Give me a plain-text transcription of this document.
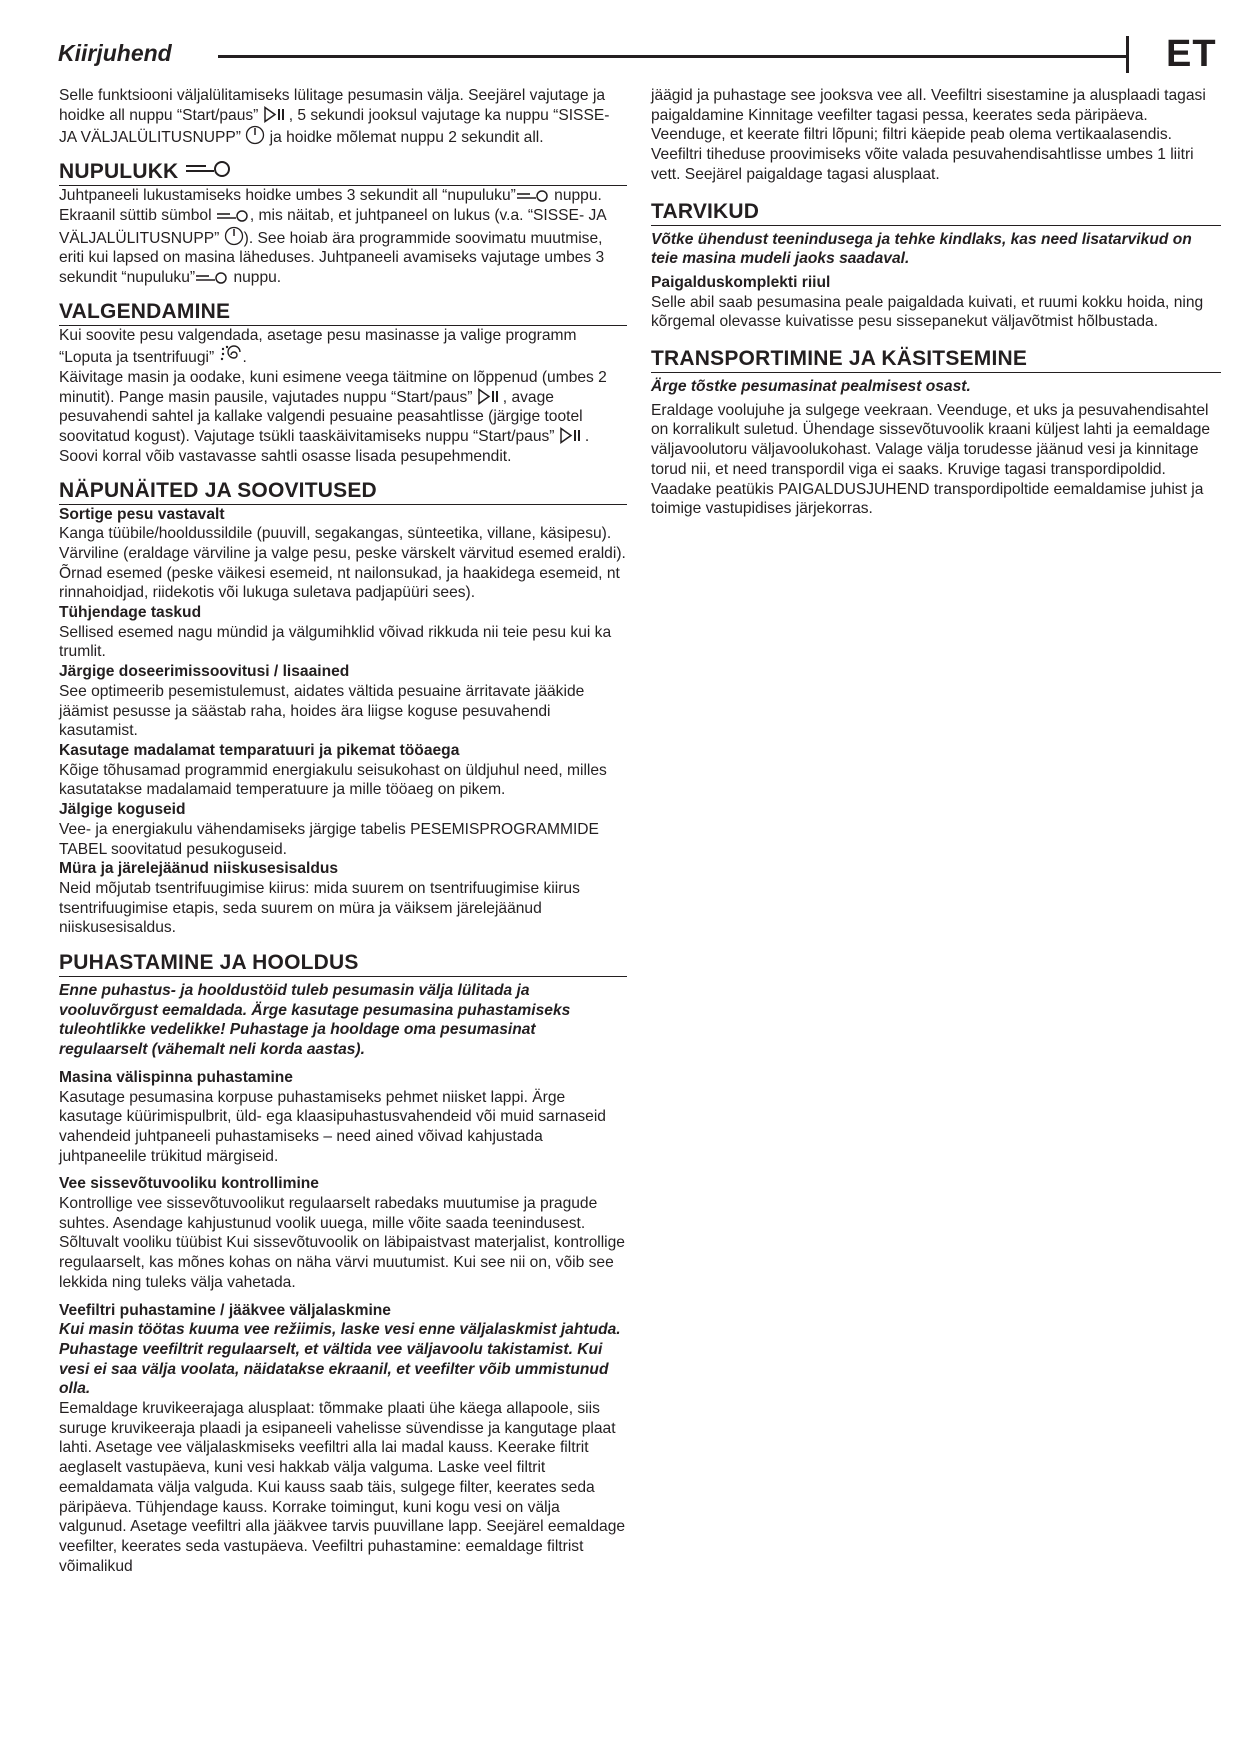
Kiirjuhend	ET

Selle funktsiooni väljalülitamiseks lülitage pesumasin välja. Seejärel vajutage ja hoidke all nuppu “Start/paus” , 5 sekundi jooksul vajutage ka nuppu “SISSE- JA VÄLJALÜLITUSNUPP”  ja hoidke mõlemat nuppu 2 sekundit all.

NUPULUKK

Juhtpaneeli lukustamiseks hoidke umbes 3 sekundit all “nupuluku” nuppu. Ekraanil süttib sümbol , mis näitab, et juhtpaneel on lukus (v.a. “SISSE- JA VÄLJALÜLITUSNUPP” ). See hoiab ära programmide soovimatu muutmise, eriti kui lapsed on masina läheduses. Juhtpaneeli avamiseks vajutage umbes 3 sekundit “nupuluku” nuppu.

VALGENDAMINE

Kui soovite pesu valgendada, asetage pesu masinasse ja valige programm “Loputa ja tsentrifuugi” .

Käivitage masin ja oodake, kuni esimene veega täitmine on lõppenud (umbes 2 minutit). Pange masin pausile, vajutades nuppu “Start/paus” , avage pesuvahendi sahtel ja kallake valgendi pesuaine peasahtlisse (järgige tootel soovitatud kogust). Vajutage tsükli taaskäivitamiseks nuppu “Start/paus” .

Soovi korral võib vastavasse sahtli osasse lisada pesupehmendit.

NÄPUNÄITED JA SOOVITUSED

Sortige pesu vastavalt

Kanga tüübile/hooldussildile (puuvill, segakangas, sünteetika, villane, käsipesu). Värviline (eraldage värviline ja valge pesu, peske värskelt värvitud esemed eraldi). Õrnad esemed (peske väikesi esemeid, nt nailonsukad, ja haakidega esemeid, nt rinnahoidjad, riidekotis või lukuga suletava padjapüüri sees).

Tühjendage taskud

Sellised esemed nagu mündid ja välgumihklid võivad rikkuda nii teie pesu kui ka trumlit.

Järgige doseerimissoovitusi / lisaained

See optimeerib pesemistulemust, aidates vältida pesuaine ärritavate jääkide jäämist pesusse ja säästab raha, hoides ära liigse koguse pesuvahendi kasutamist.

Kasutage madalamat temparatuuri ja pikemat tööaega

Kõige tõhusamad programmid energiakulu seisukohast on üldjuhul need, milles kasutatakse madalamaid temperatuure ja mille tööaeg on pikem.

Jälgige koguseid

Vee- ja energiakulu vähendamiseks järgige tabelis PESEMISPROGRAMMIDE TABEL soovitatud pesukoguseid.

Müra ja järelejäänud niiskusesisaldus

Neid mõjutab tsentrifuugimise kiirus: mida suurem on tsentrifuugimise kiirus tsentrifuugimise etapis, seda suurem on müra ja väiksem järelejäänud niiskusesisaldus.

PUHASTAMINE JA HOOLDUS

Enne puhastus- ja hooldustöid tuleb pesumasin välja lülitada ja vooluvõrgust eemaldada. Ärge kasutage pesumasina puhastamiseks tuleohtlikke vedelikke! Puhastage ja hooldage oma pesumasinat regulaarselt (vähemalt neli korda aastas).

Masina välispinna puhastamine

Kasutage pesumasina korpuse puhastamiseks pehmet niisket lappi. Ärge kasutage küürimispulbrit, üld- ega klaasipuhastusvahendeid või muid sarnaseid vahendeid juhtpaneeli puhastamiseks – need ained võivad kahjustada juhtpaneelile trükitud märgiseid.

Vee sissevõtuvooliku kontrollimine

Kontrollige vee sissevõtuvoolikut regulaarselt rabedaks muutumise ja pragude suhtes. Asendage kahjustunud voolik uuega, mille võite saada teenindusest. Sõltuvalt vooliku tüübist Kui sissevõtuvoolik on läbipaistvast materjalist, kontrollige regulaarselt, kas mõnes kohas on näha värvi muutumist. Kui see nii on, võib see lekkida ning tuleks välja vahetada.

Veefiltri puhastamine / jääkvee väljalaskmine

Kui masin töötas kuuma vee režiimis, laske vesi enne väljalaskmist jahtuda. Puhastage veefiltrit regulaarselt, et vältida vee väljavoolu takistamist. Kui vesi ei saa välja voolata, näidatakse ekraanil, et veefilter võib ummistunud olla.

Eemaldage kruvikeerajaga alusplaat: tõmmake plaati ühe käega allapoole, siis suruge kruvikeeraja plaadi ja esipaneeli vahelisse süvendisse ja kangutage plaat lahti. Asetage vee väljalaskmiseks veefiltri alla lai madal kauss. Keerake filtrit aeglaselt vastupäeva, kuni vesi hakkab välja valguma. Laske veel filtrit eemaldamata välja valguda. Kui kauss saab täis, sulgege filter, keerates seda päripäeva. Tühjendage kauss. Korrake toimingut, kuni kogu vesi on välja valgunud. Asetage veefiltri alla jääkvee tarvis puuvillane lapp. Seejärel eemaldage veefilter, keerates seda vastupäeva. Veefiltri puhastamine: eemaldage filtrist võimalikud

jäägid ja puhastage see jooksva vee all. Veefiltri sisestamine ja alusplaadi tagasi paigaldamine Kinnitage veefilter tagasi pessa, keerates seda päripäeva. Veenduge, et keerate filtri lõpuni; filtri käepide peab olema vertikaalasendis. Veefiltri tiheduse proovimiseks võite valada pesuvahendisahtlisse umbes 1 liitri vett. Seejärel paigaldage tagasi alusplaat.

TARVIKUD

Võtke ühendust teenindusega ja tehke kindlaks, kas need lisatarvikud on teie masina mudeli jaoks saadaval.

Paigalduskomplekti riiul

Selle abil saab pesumasina peale paigaldada kuivati, et ruumi kokku hoida, ning kõrgemal olevasse kuivatisse pesu sissepanekut väljavõtmist hõlbustada.

TRANSPORTIMINE JA KÄSITSEMINE

Ärge tõstke pesumasinat pealmisest osast.

Eraldage voolujuhe ja sulgege veekraan. Veenduge, et uks ja pesuvahendisahtel on korralikult suletud. Ühendage sissevõtuvoolik kraani küljest lahti ja eemaldage väljavoolutoru väljavoolukohast. Valage välja torudesse jäänud vesi ja kinnitage torud nii, et need transpordil viga ei saaks. Kruvige tagasi transpordipoldid. Vaadake peatükis PAIGALDUSJUHEND transpordipoltide eemaldamise juhist ja toimige vastupidises järjekorras.
